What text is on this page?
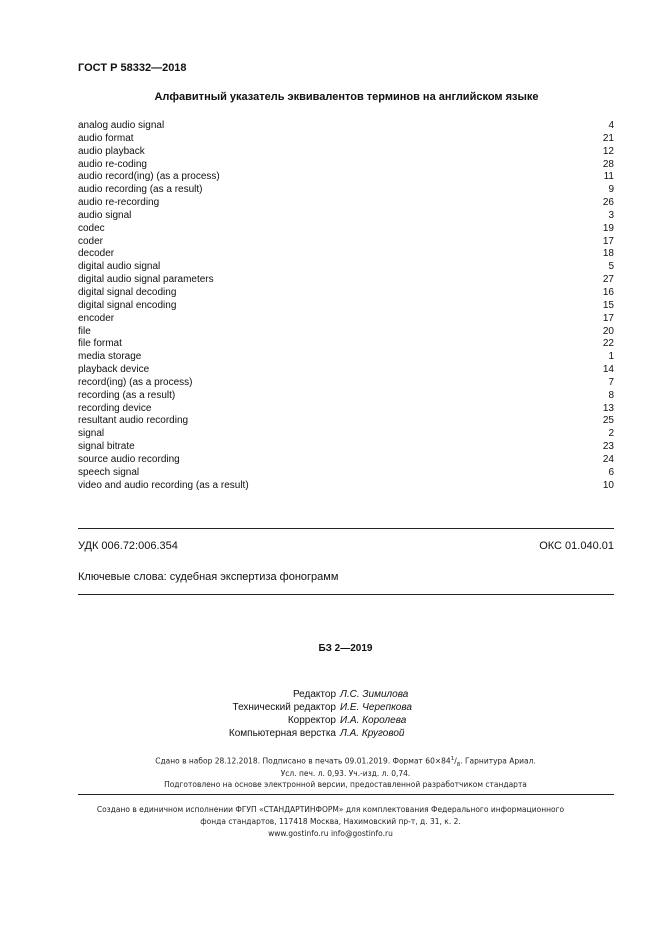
ГОСТ Р 58332—2018
Алфавитный указатель эквивалентов терминов на английском языке
analog audio signal	4
audio format	21
audio playback	12
audio re-coding	28
audio record(ing) (as a process)	11
audio recording (as a result)	9
audio re-recording	26
audio signal	3
codec	19
coder	17
decoder	18
digital audio signal	5
digital audio signal parameters	27
digital signal decoding	16
digital signal encoding	15
encoder	17
file	20
file format	22
media storage	1
playback device	14
record(ing) (as a process)	7
recording (as a result)	8
recording device	13
resultant audio recording	25
signal	2
signal bitrate	23
source audio recording	24
speech signal	6
video and audio recording (as a result)	10
УДК 006.72:006.354	ОКС 01.040.01
Ключевые слова: судебная экспертиза фонограмм
БЗ 2—2019
Редактор Л.С. Зимилова
Технический редактор И.Е. Черепкова
Корректор И.А. Королева
Компьютерная верстка Л.А. Круговой
Сдано в набор 28.12.2018. Подписано в печать 09.01.2019. Формат $60\times 84^1/_8$. Гарнитура Ариал.
Усл. печ. л. 0,93. Уч.-изд. л. 0,74.
Подготовлено на основе электронной версии, предоставленной разработчиком стандарта
Создано в единичном исполнении ФГУП «СТАНДАРТИНФОРМ» для комплектования Федерального информационного
фонда стандартов, 117418 Москва, Нахимовский пр-т, д. 31, к. 2.
www.gostinfo.ru info@gostinfo.ru
